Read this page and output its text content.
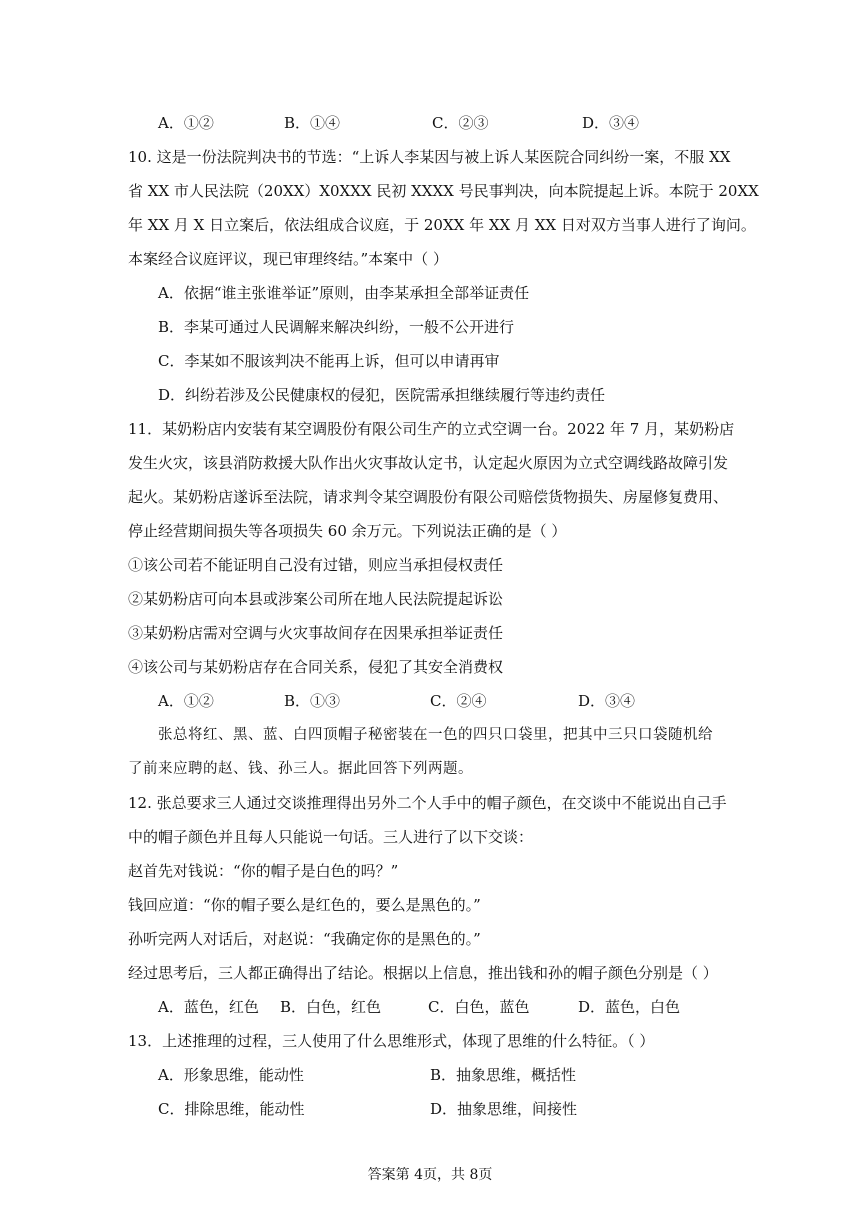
A．①②	B．①④	C．②③	D．③④
10. 这是一份法院判决书的节选：“上诉人李某因与被上诉人某医院合同纠纷一案，不服 XX
省 XX 市人民法院（20XX）X0XXX 民初 XXXX 号民事判决，向本院提起上诉。本院于 20XX
年 XX 月 X 日立案后，依法组成合议庭，于 20XX 年 XX 月 XX 日对双方当事人进行了询问。
本案经合议庭评议，现已审理终结。”本案中（ ）
A．依据“谁主张谁举证”原则，由李某承担全部举证责任
B．李某可通过人民调解来解决纠纷，一般不公开进行
C．李某如不服该判决不能再上诉，但可以申请再审
D．纠纷若涉及公民健康权的侵犯，医院需承担继续履行等违约责任
11．某奶粉店内安装有某空调股份有限公司生产的立式空调一台。2022 年 7 月，某奶粉店
发生火灾，该县消防救援大队作出火灾事故认定书，认定起火原因为立式空调线路故障引发
起火。某奶粉店遂诉至法院，请求判令某空调股份有限公司赔偿货物损失、房屋修复费用、
停止经营期间损失等各项损失 60 余万元。下列说法正确的是（ ）
①该公司若不能证明自己没有过错，则应当承担侵权责任
②某奶粉店可向本县或涉案公司所在地人民法院提起诉讼
③某奶粉店需对空调与火灾事故间存在因果承担举证责任
④该公司与某奶粉店存在合同关系，侵犯了其安全消费权
A．①②	B．①③	C．②④	D．③④
张总将红、黑、蓝、白四顶帽子秘密装在一色的四只口袋里，把其中三只口袋随机给
了前来应聘的赵、钱、孙三人。据此回答下列两题。
12. 张总要求三人通过交谈推理得出另外二个人手中的帽子颜色，在交谈中不能说出自己手
中的帽子颜色并且每人只能说一句话。三人进行了以下交谈：
赵首先对钱说：“你的帽子是白色的吗？”
钱回应道：“你的帽子要么是红色的，要么是黑色的。”
孙听完两人对话后，对赵说：“我确定你的是黑色的。”
经过思考后，三人都正确得出了结论。根据以上信息，推出钱和孙的帽子颜色分别是（ ）
A．蓝色，红色	B．白色，红色	C．白色，蓝色	D．蓝色，白色
13．上述推理的过程，三人使用了什么思维形式，体现了思维的什么特征。（ ）
A．形象思维，能动性	B．抽象思维，概括性
C．排除思维，能动性	D．抽象思维，间接性
答案第 4页，共 8页
